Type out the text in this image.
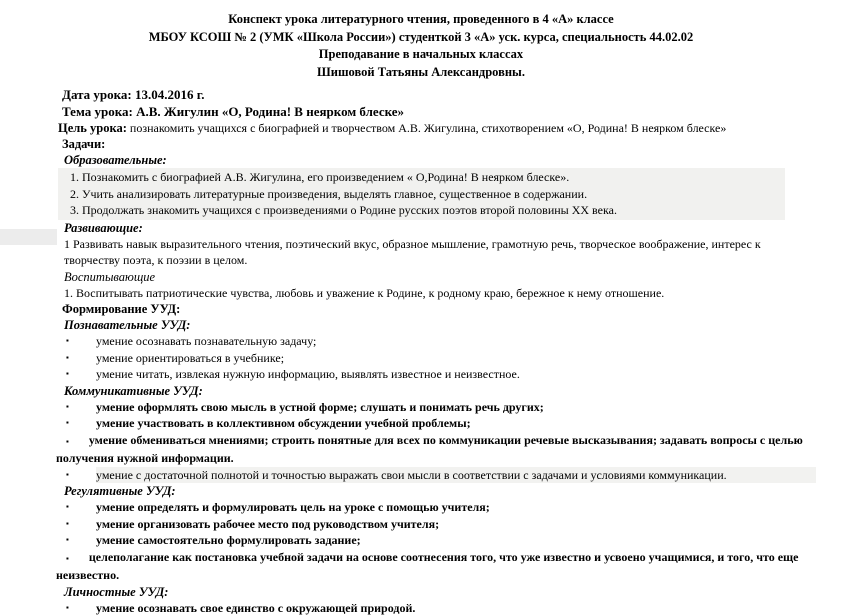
Конспект урока литературного чтения, проведенного в 4 «А» классе
МБОУ КСОШ № 2 (УМК «Школа России») студенткой 3 «А» уск. курса, специальность 44.02.02
Преподавание в начальных классах
Шишовой Татьяны Александровны.
Дата урока: 13.04.2016 г.
Тема урока: А.В. Жигулин «О, Родина! В неярком блеске»
Цель урока: познакомить учащихся с биографией и творчеством А.В. Жигулина, стихотворением «О, Родина! В неярком блеске»
Задачи:
Образовательные:
1. Познакомить с биографией А.В. Жигулина, его произведением « О,Родина! В неярком блеске».
2. Учить анализировать литературные произведения, выделять главное, существенное в содержании.
3. Продолжать знакомить учащихся с произведениями о Родине русских поэтов второй половины XX века.
Развивающие:
1 Развивать навык выразительного чтения, поэтический вкус, образное мышление, грамотную речь, творческое воображение, интерес к творчеству поэта, к поэзии в целом.
Воспитывающие
1. Воспитывать патриотические чувства, любовь и уважение к Родине, к родному краю, бережное к нему отношение.
Формирование УУД:
Познавательные УУД:
▪ умение осознавать познавательную задачу;
▪ умение ориентироваться в учебнике;
▪ умение читать, извлекая нужную информацию, выявлять известное и неизвестное.
Коммуникативные УУД:
▪ умение оформлять свою мысль в устной форме; слушать и понимать речь других;
▪ умение участвовать в коллективном обсуждении учебной проблемы;
▪ умение обмениваться мнениями; строить понятные для всех по коммуникации речевые высказывания; задавать вопросы с целью получения нужной информации.
▪ умение с достаточной полнотой и точностью выражать свои мысли в соответствии с задачами и условиями коммуникации.
Регулятивные УУД:
▪ умение определять и формулировать цель на уроке с помощью учителя;
▪ умение организовать рабочее место под руководством учителя;
▪ умение самостоятельно формулировать задание;
▪ целеполагание как постановка учебной задачи на основе соотнесения того, что уже известно и усвоено учащимися, и того, что еще неизвестно.
Личностные УУД:
▪ умение осознавать свое единство с окружающей природой.
